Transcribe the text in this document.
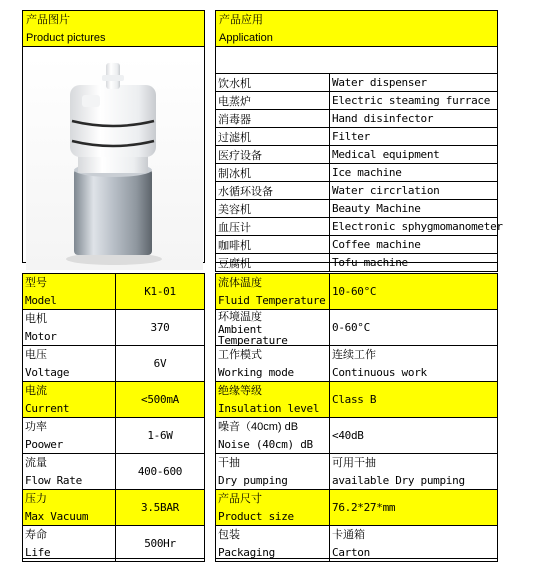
产品图片
Product pictures
产品应用
Application
饮水机	Water dispenser
电蒸炉	Electric steaming furrace
消毒器	Hand disinfector
过滤机	Filter
医疗设备	Medical equipment
制冰机	Ice machine
水循环设备	Water circrlation
美容机	Beauty Machine
血压计	Electronic sphygmomanometer
咖啡机	Coffee machine
豆腐机	Tofu machine
型号
Model	K1-01

电机
Motor	370

电压
Voltage	6V

电流
Current	<500mA

功率
Poower	1-6W

流量
Flow Rate	400-600

压力
Max Vacuum	3.5BAR

寿命
Life	500Hr
流体温度
Fluid Temperature	10-60°C

环境温度
Ambient
Temperature	0-60°C

工作模式
Working mode	连续工作
Continuous work

绝缘等级
Insulation level	Class B

噪音（40cm) dB
Noise (40cm) dB	<40dB

干抽
Dry pumping	可用干抽
available Dry pumping

产品尺寸
Product size	76.2*27*mm

包装
Packaging	卡通箱
Carton
